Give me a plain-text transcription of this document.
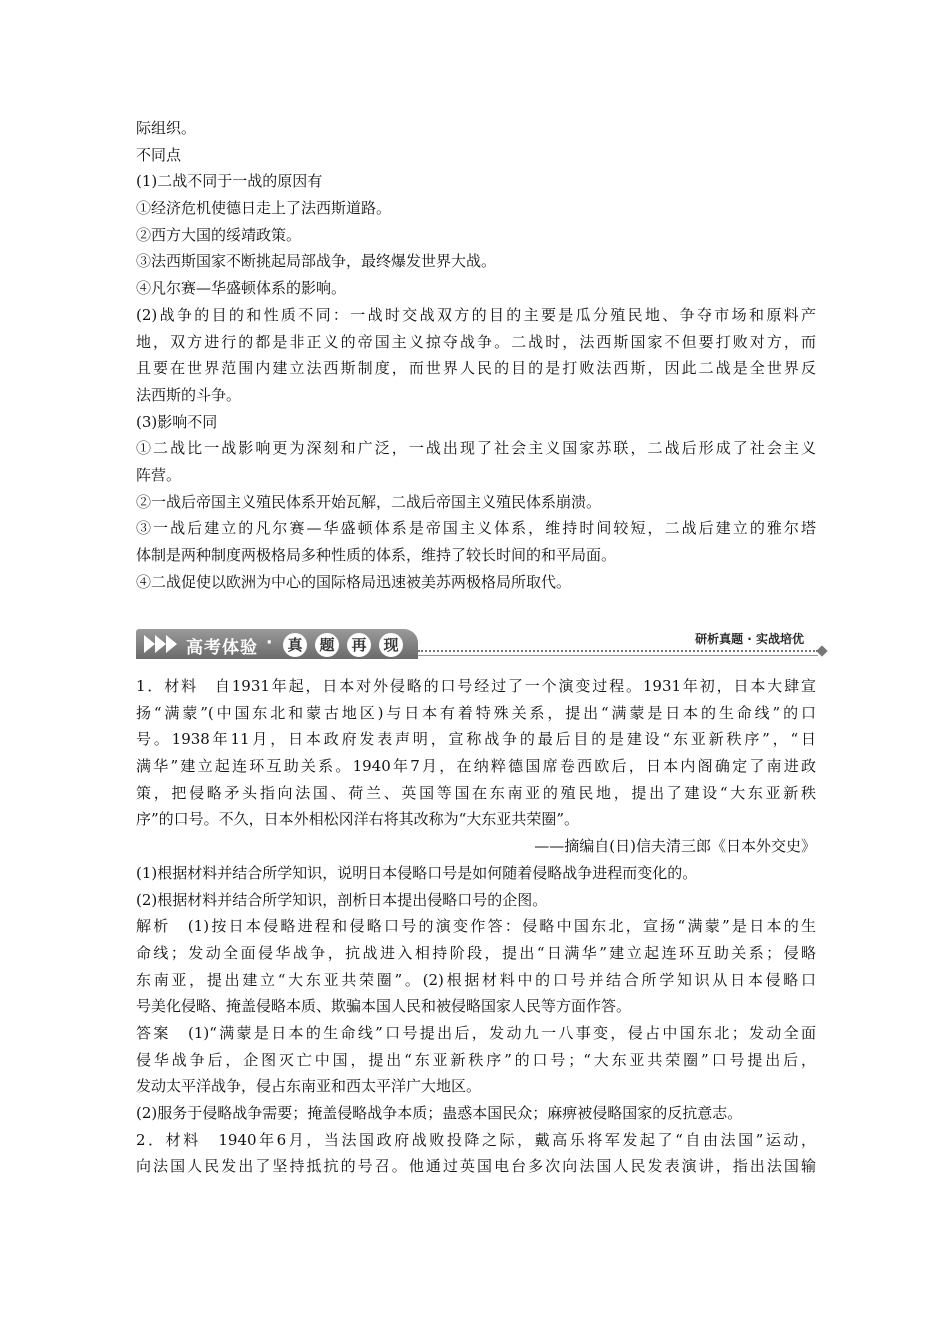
际组织。
不同点
(1)二战不同于一战的原因有
①经济危机使德日走上了法西斯道路。
②西方大国的绥靖政策。
③法西斯国家不断挑起局部战争，最终爆发世界大战。
④凡尔赛—华盛顿体系的影响。
(2)战争的目的和性质不同：一战时交战双方的目的主要是瓜分殖民地、争夺市场和原料产
地，双方进行的都是非正义的帝国主义掠夺战争。二战时，法西斯国家不但要打败对方，而
且要在世界范围内建立法西斯制度，而世界人民的目的是打败法西斯，因此二战是全世界反
法西斯的斗争。
(3)影响不同
①二战比一战影响更为深刻和广泛，一战出现了社会主义国家苏联，二战后形成了社会主义
阵营。
②一战后帝国主义殖民体系开始瓦解，二战后帝国主义殖民体系崩溃。
③一战后建立的凡尔赛—华盛顿体系是帝国主义体系，维持时间较短，二战后建立的雅尔塔
体制是两种制度两极格局多种性质的体系，维持了较长时间的和平局面。
④二战促使以欧洲为中心的国际格局迅速被美苏两极格局所取代。
高考体验 · 真	题	再	现	研析真题 · 实战培优
1．材料　自1931年起，日本对外侵略的口号经过了一个演变过程。1931年初，日本大肆宣
扬“满蒙”(中国东北和蒙古地区)与日本有着特殊关系，提出“满蒙是日本的生命线”的口
号。1938年11月，日本政府发表声明，宣称战争的最后目的是建设“东亚新秩序”，“日
满华”建立起连环互助关系。1940年7月，在纳粹德国席卷西欧后，日本内阁确定了南进政
策，把侵略矛头指向法国、荷兰、英国等国在东南亚的殖民地，提出了建设“大东亚新秩
序”的口号。不久，日本外相松冈洋右将其改称为“大东亚共荣圈”。
——摘编自(日)信夫清三郎《日本外交史》
(1)根据材料并结合所学知识，说明日本侵略口号是如何随着侵略战争进程而变化的。
(2)根据材料并结合所学知识，剖析日本提出侵略口号的企图。
解析　(1)按日本侵略进程和侵略口号的演变作答：侵略中国东北，宣扬“满蒙”是日本的生
命线；发动全面侵华战争，抗战进入相持阶段，提出“日满华”建立起连环互助关系；侵略
东南亚，提出建立“大东亚共荣圈”。(2)根据材料中的口号并结合所学知识从日本侵略口
号美化侵略、掩盖侵略本质、欺骗本国人民和被侵略国家人民等方面作答。
答案　(1)“满蒙是日本的生命线”口号提出后，发动九一八事变，侵占中国东北；发动全面
侵华战争后，企图灭亡中国，提出“东亚新秩序”的口号；“大东亚共荣圈”口号提出后，
发动太平洋战争，侵占东南亚和西太平洋广大地区。
(2)服务于侵略战争需要；掩盖侵略战争本质；蛊惑本国民众；麻痹被侵略国家的反抗意志。
2．材料　1940年6月，当法国政府战败投降之际，戴高乐将军发起了“自由法国”运动，
向法国人民发出了坚持抵抗的号召。他通过英国电台多次向法国人民发表演讲，指出法国输
